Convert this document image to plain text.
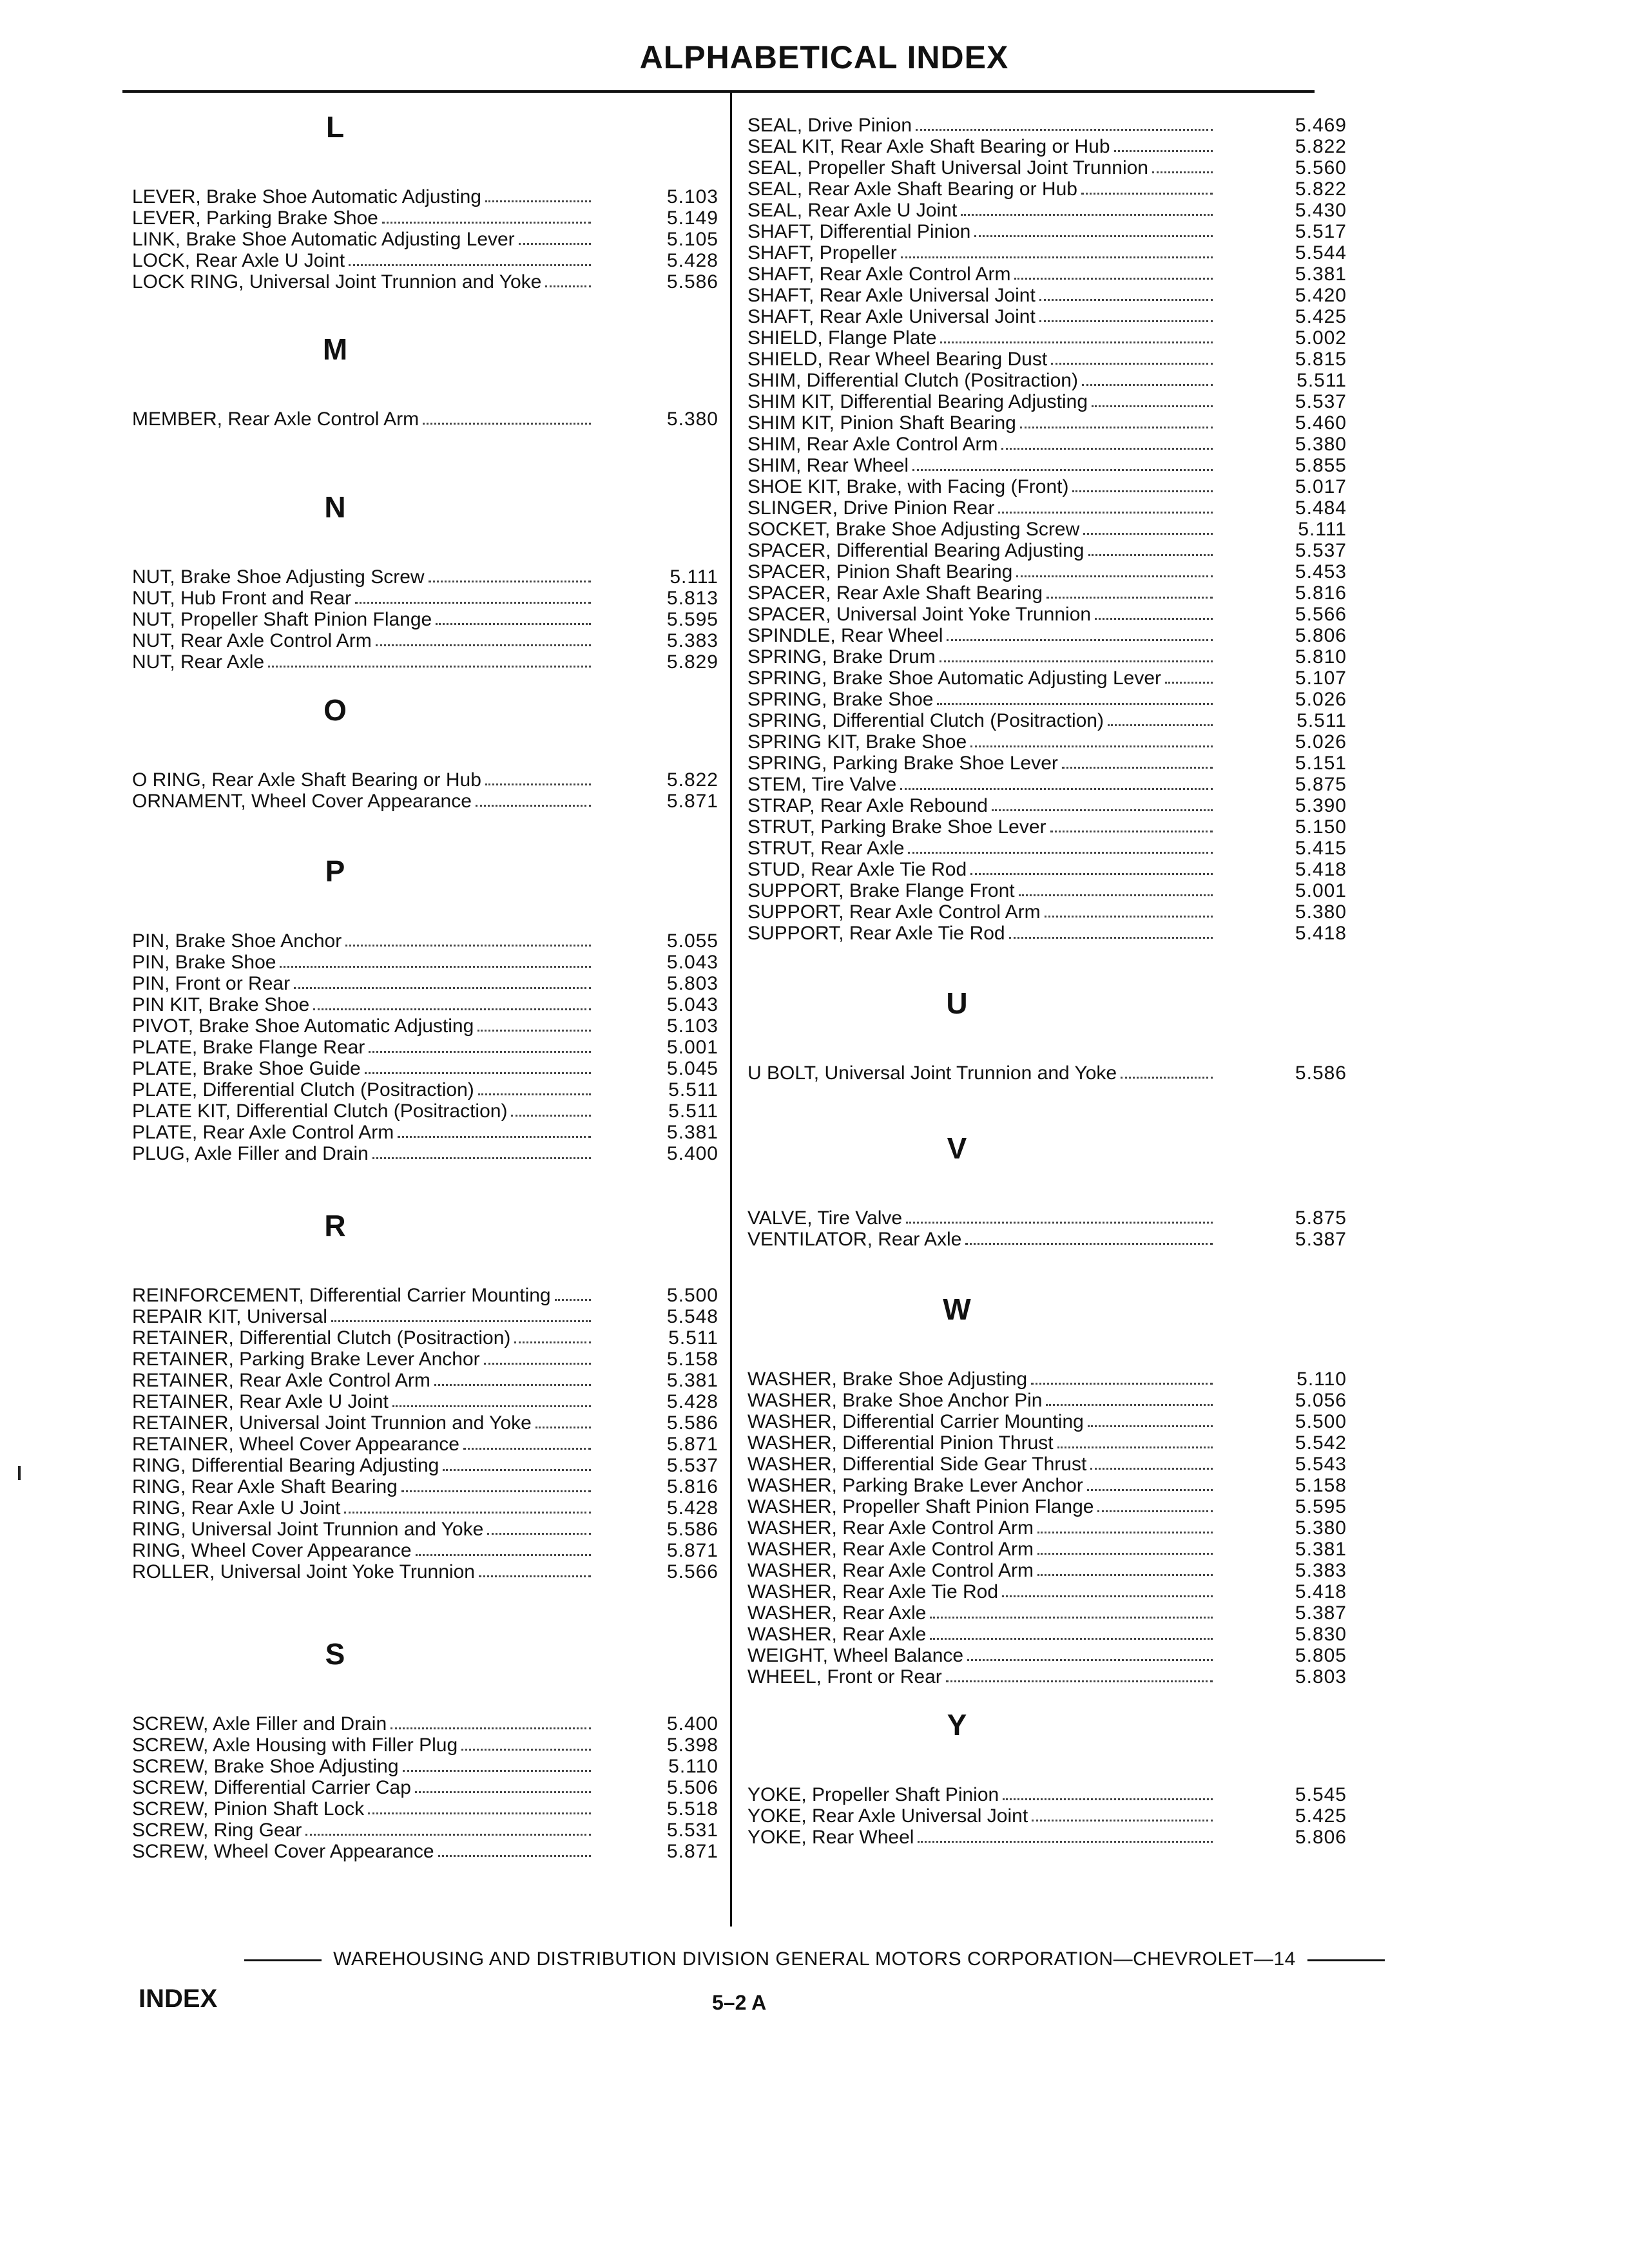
ALPHABETICAL INDEX
L
LEVER, Brake Shoe Automatic Adjusting	5.103
LEVER, Parking Brake Shoe	5.149
LINK, Brake Shoe Automatic Adjusting Lever	5.105
LOCK, Rear Axle U Joint	5.428
LOCK RING, Universal Joint Trunnion and Yoke	5.586
M
MEMBER, Rear Axle Control Arm	5.380
N
NUT, Brake Shoe Adjusting Screw	5.111
NUT, Hub Front and Rear	5.813
NUT, Propeller Shaft Pinion Flange	5.595
NUT, Rear Axle Control Arm	5.383
NUT, Rear Axle	5.829
O
O RING, Rear Axle Shaft Bearing or Hub	5.822
ORNAMENT, Wheel Cover Appearance	5.871
P
PIN, Brake Shoe Anchor	5.055
PIN, Brake Shoe	5.043
PIN, Front or Rear	5.803
PIN KIT, Brake Shoe	5.043
PIVOT, Brake Shoe Automatic Adjusting	5.103
PLATE, Brake Flange Rear	5.001
PLATE, Brake Shoe Guide	5.045
PLATE, Differential Clutch (Positraction)	5.511
PLATE KIT, Differential Clutch (Positraction)	5.511
PLATE, Rear Axle Control Arm	5.381
PLUG, Axle Filler and Drain	5.400
R
REINFORCEMENT, Differential Carrier Mounting	5.500
REPAIR KIT, Universal	5.548
RETAINER, Differential Clutch (Positraction)	5.511
RETAINER, Parking Brake Lever Anchor	5.158
RETAINER, Rear Axle Control Arm	5.381
RETAINER, Rear Axle U Joint	5.428
RETAINER, Universal Joint Trunnion and Yoke	5.586
RETAINER, Wheel Cover Appearance	5.871
RING, Differential Bearing Adjusting	5.537
RING, Rear Axle Shaft Bearing	5.816
RING, Rear Axle U Joint	5.428
RING, Universal Joint Trunnion and Yoke	5.586
RING, Wheel Cover Appearance	5.871
ROLLER, Universal Joint Yoke Trunnion	5.566
S
SCREW, Axle Filler and Drain	5.400
SCREW, Axle Housing with Filler Plug	5.398
SCREW, Brake Shoe Adjusting	5.110
SCREW, Differential Carrier Cap	5.506
SCREW, Pinion Shaft Lock	5.518
SCREW, Ring Gear	5.531
SCREW, Wheel Cover Appearance	5.871
SEAL, Drive Pinion	5.469
SEAL KIT, Rear Axle Shaft Bearing or Hub	5.822
SEAL, Propeller Shaft Universal Joint Trunnion	5.560
SEAL, Rear Axle Shaft Bearing or Hub	5.822
SEAL, Rear Axle U Joint	5.430
SHAFT, Differential Pinion	5.517
SHAFT, Propeller	5.544
SHAFT, Rear Axle Control Arm	5.381
SHAFT, Rear Axle Universal Joint	5.420
SHAFT, Rear Axle Universal Joint	5.425
SHIELD, Flange Plate	5.002
SHIELD, Rear Wheel Bearing Dust	5.815
SHIM, Differential Clutch (Positraction)	5.511
SHIM KIT, Differential Bearing Adjusting	5.537
SHIM KIT, Pinion Shaft Bearing	5.460
SHIM, Rear Axle Control Arm	5.380
SHIM, Rear Wheel	5.855
SHOE KIT, Brake, with Facing (Front)	5.017
SLINGER, Drive Pinion Rear	5.484
SOCKET, Brake Shoe Adjusting Screw	5.111
SPACER, Differential Bearing Adjusting	5.537
SPACER, Pinion Shaft Bearing	5.453
SPACER, Rear Axle Shaft Bearing	5.816
SPACER, Universal Joint Yoke Trunnion	5.566
SPINDLE, Rear Wheel	5.806
SPRING, Brake Drum	5.810
SPRING, Brake Shoe Automatic Adjusting Lever	5.107
SPRING, Brake Shoe	5.026
SPRING, Differential Clutch (Positraction)	5.511
SPRING KIT, Brake Shoe	5.026
SPRING, Parking Brake Shoe Lever	5.151
STEM, Tire Valve	5.875
STRAP, Rear Axle Rebound	5.390
STRUT, Parking Brake Shoe Lever	5.150
STRUT, Rear Axle	5.415
STUD, Rear Axle Tie Rod	5.418
SUPPORT, Brake Flange Front	5.001
SUPPORT, Rear Axle Control Arm	5.380
SUPPORT, Rear Axle Tie Rod	5.418
U
U BOLT, Universal Joint Trunnion and Yoke	5.586
V
VALVE, Tire Valve	5.875
VENTILATOR, Rear Axle	5.387
W
WASHER, Brake Shoe Adjusting	5.110
WASHER, Brake Shoe Anchor Pin	5.056
WASHER, Differential Carrier Mounting	5.500
WASHER, Differential Pinion Thrust	5.542
WASHER, Differential Side Gear Thrust	5.543
WASHER, Parking Brake Lever Anchor	5.158
WASHER, Propeller Shaft Pinion Flange	5.595
WASHER, Rear Axle Control Arm	5.380
WASHER, Rear Axle Control Arm	5.381
WASHER, Rear Axle Control Arm	5.383
WASHER, Rear Axle Tie Rod	5.418
WASHER, Rear Axle	5.387
WASHER, Rear Axle	5.830
WEIGHT, Wheel Balance	5.805
WHEEL, Front or Rear	5.803
Y
YOKE, Propeller Shaft Pinion	5.545
YOKE, Rear Axle Universal Joint	5.425
YOKE, Rear Wheel	5.806
WAREHOUSING AND DISTRIBUTION DIVISION GENERAL MOTORS CORPORATION—CHEVROLET—14
INDEX	5–2 A
